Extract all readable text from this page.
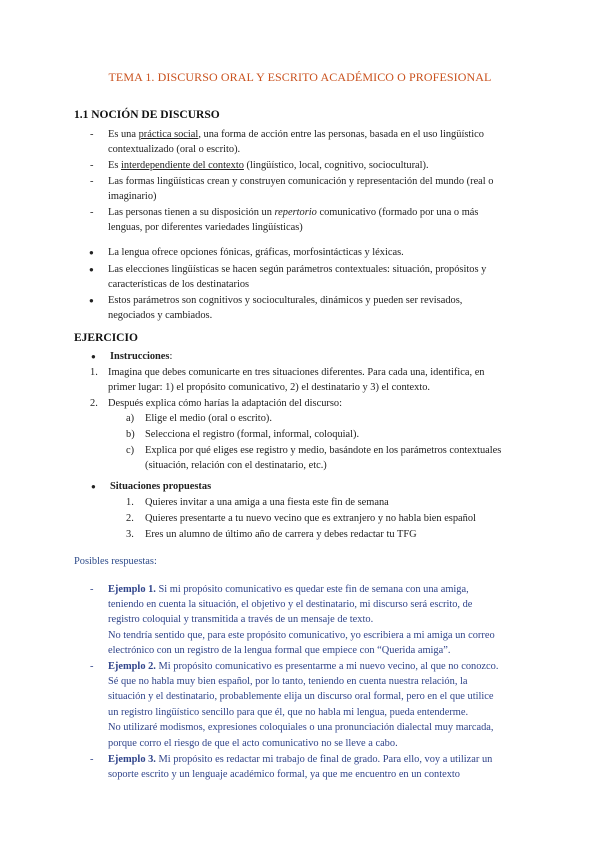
TEMA 1. DISCURSO ORAL Y ESCRITO ACADÉMICO O PROFESIONAL
1.1 NOCIÓN DE DISCURSO
- Es una práctica social, una forma de acción entre las personas, basada en el uso lingüístico
contextualizado (oral o escrito).
- Es interdependiente del contexto (lingüístico, local, cognitivo, sociocultural).
- Las formas lingüísticas crean y construyen comunicación y representación del mundo (real o
imaginario)
- Las personas tienen a su disposición un repertorio comunicativo (formado por una o más
lenguas, por diferentes variedades lingüísticas)
● La lengua ofrece opciones fónicas, gráficas, morfosintácticas y léxicas.
● Las elecciones lingüísticas se hacen según parámetros contextuales: situación, propósitos y
características de los destinatarios
● Estos parámetros son cognitivos y socioculturales, dinámicos y pueden ser revisados,
negociados y cambiados.
EJERCICIO
● Instrucciones:
1. Imagina que debes comunicarte en tres situaciones diferentes. Para cada una, identifica, en
primer lugar: 1) el propósito comunicativo, 2) el destinatario y 3) el contexto.
2. Después explica cómo harías la adaptación del discurso:
a) Elige el medio (oral o escrito).
b) Selecciona el registro (formal, informal, coloquial).
c) Explica por qué eliges ese registro y medio, basándote en los parámetros contextuales
(situación, relación con el destinatario, etc.)
● Situaciones propuestas
1. Quieres invitar a una amiga a una fiesta este fin de semana
2. Quieres presentarte a tu nuevo vecino que es extranjero y no habla bien español
3. Eres un alumno de último año de carrera y debes redactar tu TFG
Posibles respuestas:
- Ejemplo 1. Si mi propósito comunicativo es quedar este fin de semana con una amiga,
teniendo en cuenta la situación, el objetivo y el destinatario, mi discurso será escrito, de
registro coloquial y transmitida a través de un mensaje de texto.
No tendría sentido que, para este propósito comunicativo, yo escribiera a mi amiga un correo
electrónico con un registro de la lengua formal que empiece con “Querida amiga”.
- Ejemplo 2. Mi propósito comunicativo es presentarme a mi nuevo vecino, al que no conozco.
Sé que no habla muy bien español, por lo tanto, teniendo en cuenta nuestra relación, la
situación y el destinatario, probablemente elija un discurso oral formal, pero en el que utilice
un registro lingüístico sencillo para que él, que no habla mi lengua, pueda entenderme.
No utilizaré modismos, expresiones coloquiales o una pronunciación dialectal muy marcada,
porque corro el riesgo de que el acto comunicativo no se lleve a cabo.
- Ejemplo 3. Mi propósito es redactar mi trabajo de final de grado. Para ello, voy a utilizar un
soporte escrito y un lenguaje académico formal, ya que me encuentro en un contexto
